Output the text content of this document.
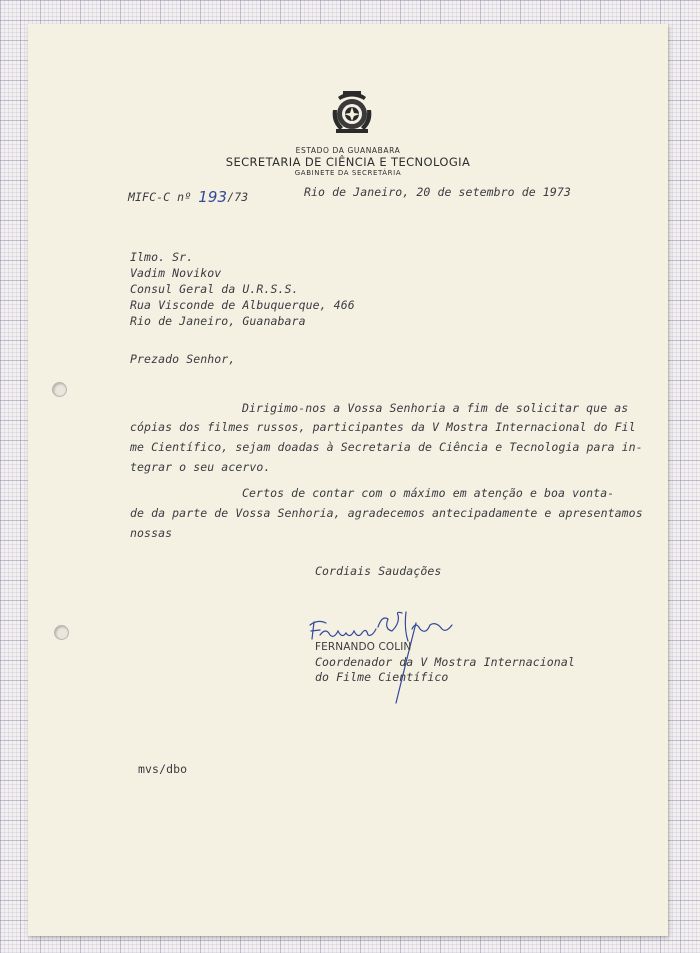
ESTADO DA GUANABARA
SECRETARIA DE CIÊNCIA E TECNOLOGIA
GABINETE DA SECRETÁRIA
MIFC-C nº 193/73	Rio de Janeiro, 20 de setembro de 1973
Ilmo. Sr.
Vadim Novikov
Consul Geral da U.R.S.S.
Rua Visconde de Albuquerque, 466
Rio de Janeiro, Guanabara
Prezado Senhor,
Dirigimo-nos a Vossa Senhoria a fim de solicitar que as
cópias dos filmes russos, participantes da V Mostra Internacional do Fil
me Científico, sejam doadas à Secretaria de Ciência e Tecnologia para in-
tegrar o seu acervo.
Certos de contar com o máximo em atenção e boa vonta-
de da parte de Vossa Senhoria, agradecemos antecipadamente e apresentamos
nossas
Cordiais Saudações
FERNANDO COLIN
Coordenador da V Mostra Internacional
do Filme Científico
mvs/dbo
